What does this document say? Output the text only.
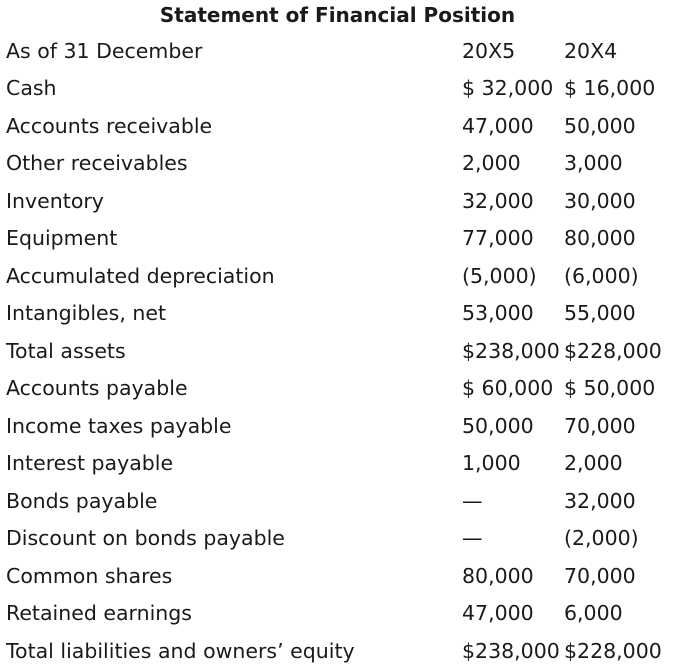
Statement of Financial Position
As of 31 December	20X5	20X4
Cash	$ 32,000	$ 16,000
Accounts receivable	47,000	50,000
Other receivables	2,000	3,000
Inventory	32,000	30,000
Equipment	77,000	80,000
Accumulated depreciation	(5,000)	(6,000)
Intangibles, net	53,000	55,000
Total assets	$238,000	$228,000
Accounts payable	$ 60,000	$ 50,000
Income taxes payable	50,000	70,000
Interest payable	1,000	2,000
Bonds payable	—	32,000
Discount on bonds payable	—	(2,000)
Common shares	80,000	70,000
Retained earnings	47,000	6,000
Total liabilities and owners’ equity	$238,000	$228,000
